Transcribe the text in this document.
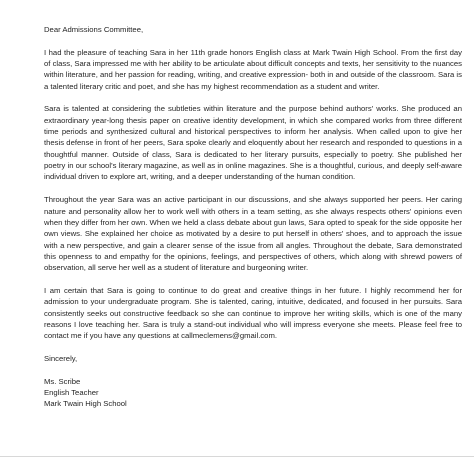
Dear Admissions Committee,

I had the pleasure of teaching Sara in her 11th grade honors English class at Mark Twain High School. From the first day of class, Sara impressed me with her ability to be articulate about difficult concepts and texts, her sensitivity to the nuances within literature, and her passion for reading, writing, and creative expression- both in and outside of the classroom. Sara is a talented literary critic and poet, and she has my highest recommendation as a student and writer.

Sara is talented at considering the subtleties within literature and the purpose behind authors' works. She produced an extraordinary year-long thesis paper on creative identity development, in which she compared works from three different time periods and synthesized cultural and historical perspectives to inform her analysis. When called upon to give her thesis defense in front of her peers, Sara spoke clearly and eloquently about her research and responded to questions in a thoughtful manner. Outside of class, Sara is dedicated to her literary pursuits, especially to poetry. She published her poetry in our school's literary magazine, as well as in online magazines. She is a thoughtful, curious, and deeply self-aware individual driven to explore art, writing, and a deeper understanding of the human condition.

Throughout the year Sara was an active participant in our discussions, and she always supported her peers. Her caring nature and personality allow her to work well with others in a team setting, as she always respects others' opinions even when they differ from her own. When we held a class debate about gun laws, Sara opted to speak for the side opposite her own views. She explained her choice as motivated by a desire to put herself in others' shoes, and to approach the issue with a new perspective, and gain a clearer sense of the issue from all angles. Throughout the debate, Sara demonstrated this openness to and empathy for the opinions, feelings, and perspectives of others, which along with shrewd powers of observation, all serve her well as a student of literature and burgeoning writer.

I am certain that Sara is going to continue to do great and creative things in her future. I highly recommend her for admission to your undergraduate program. She is talented, caring, intuitive, dedicated, and focused in her pursuits. Sara consistently seeks out constructive feedback so she can continue to improve her writing skills, which is one of the many reasons I love teaching her. Sara is truly a stand-out individual who will impress everyone she meets. Please feel free to contact me if you have any questions at callmeclemens@gmail.com.

Sincerely,

Ms. Scribe

English Teacher

Mark Twain High School
